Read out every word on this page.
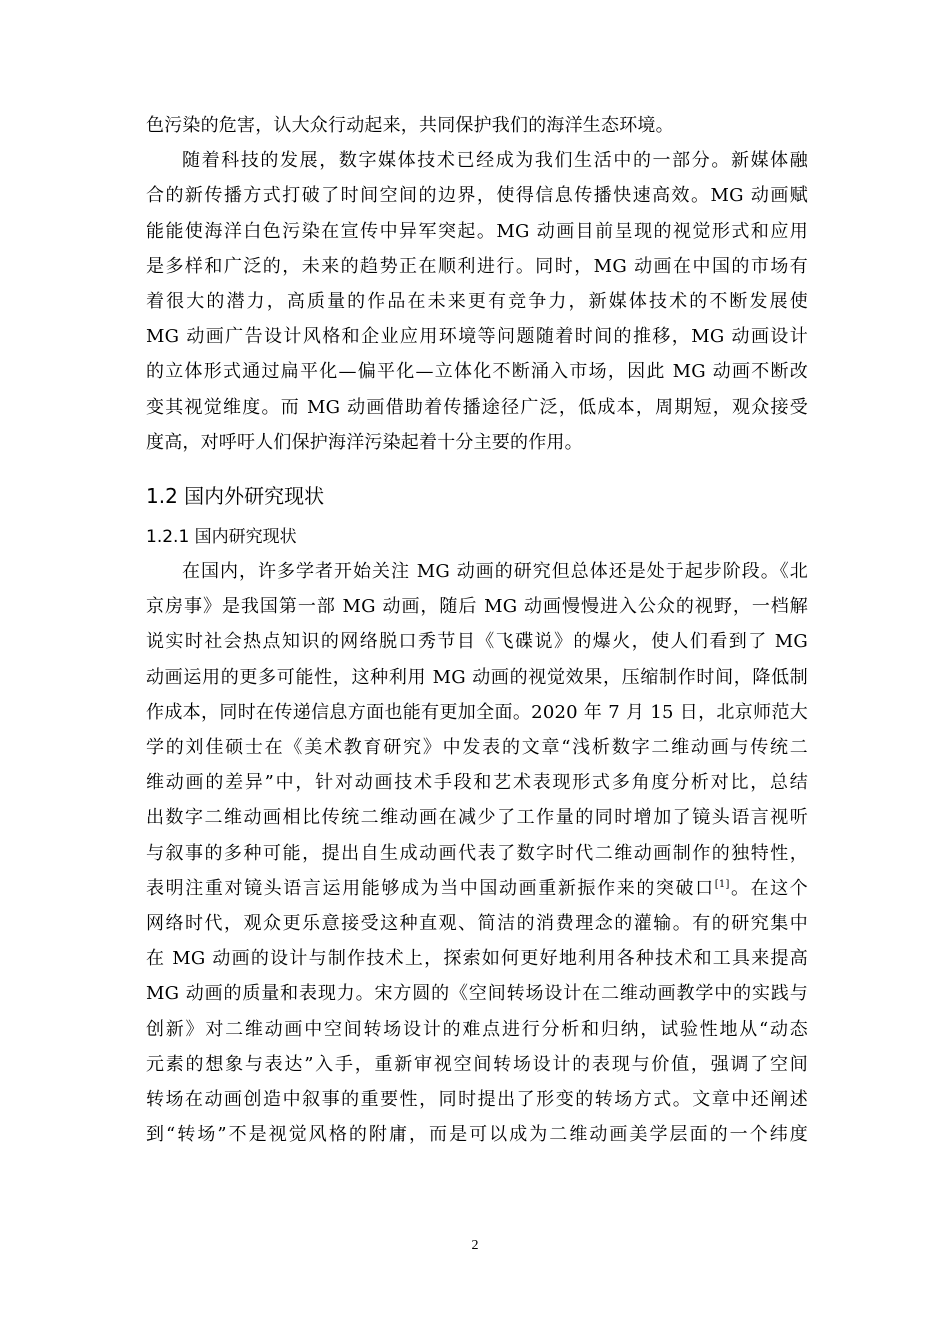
色污染的危害，认大众行动起来，共同保护我们的海洋生态环境。

随着科技的发展，数字媒体技术已经成为我们生活中的一部分。新媒体融
合的新传播方式打破了时间空间的边界，使得信息传播快速高效。MG 动画赋
能能使海洋白色污染在宣传中异军突起。MG 动画目前呈现的视觉形式和应用
是多样和广泛的，未来的趋势正在顺利进行。同时，MG 动画在中国的市场有
着很大的潜力，高质量的作品在未来更有竞争力，新媒体技术的不断发展使
MG 动画广告设计风格和企业应用环境等问题随着时间的推移，MG 动画设计
的立体形式通过扁平化—偏平化—立体化不断涌入市场，因此 MG 动画不断改
变其视觉维度。而 MG 动画借助着传播途径广泛，低成本，周期短，观众接受
度高，对呼吁人们保护海洋污染起着十分主要的作用。

1.2 国内外研究现状
1.2.1 国内研究现状

在国内，许多学者开始关注 MG 动画的研究但总体还是处于起步阶段。《北
京房事》是我国第一部 MG 动画，随后 MG 动画慢慢进入公众的视野，一档解
说实时社会热点知识的网络脱口秀节目《飞碟说》的爆火，使人们看到了 MG
动画运用的更多可能性，这种利用 MG 动画的视觉效果，压缩制作时间，降低制
作成本，同时在传递信息方面也能有更加全面。2020 年 7 月 15 日，北京师范大
学的刘佳硕士在《美术教育研究》中发表的文章“浅析数字二维动画与传统二
维动画的差异”中，针对动画技术手段和艺术表现形式多角度分析对比，总结
出数字二维动画相比传统二维动画在减少了工作量的同时增加了镜头语言视听
与叙事的多种可能，提出自生成动画代表了数字时代二维动画制作的独特性，
表明注重对镜头语言运用能够成为当中国动画重新振作来的突破口[1]。在这个
网络时代，观众更乐意接受这种直观、简洁的消费理念的灌输。有的研究集中
在 MG 动画的设计与制作技术上，探索如何更好地利用各种技术和工具来提高
MG 动画的质量和表现力。宋方圆的《空间转场设计在二维动画教学中的实践与
创新》对二维动画中空间转场设计的难点进行分析和归纳，试验性地从“动态
元素的想象与表达”入手，重新审视空间转场设计的表现与价值，强调了空间
转场在动画创造中叙事的重要性，同时提出了形变的转场方式。文章中还阐述
到“转场”不是视觉风格的附庸，而是可以成为二维动画美学层面的一个纬度

2
